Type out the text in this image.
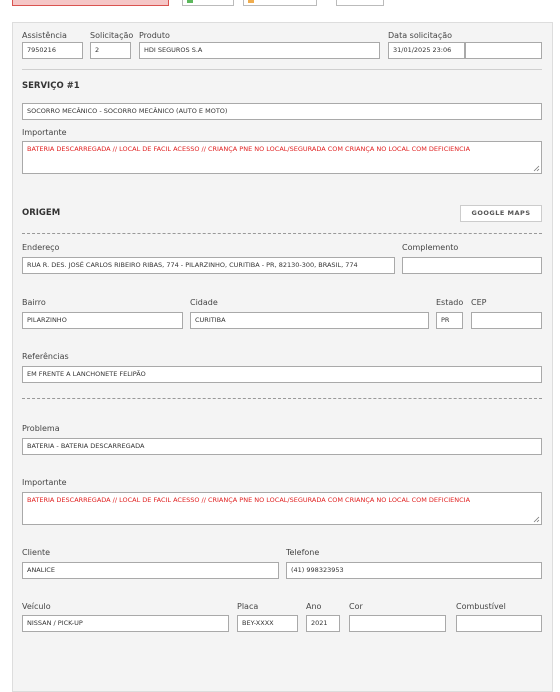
Assistência
7950216
Solicitação
2
Produto
HDI SEGUROS S.A
Data solicitação
31/01/2025 23:06
SERVIÇO #1
SOCORRO MECÂNICO - SOCORRO MECÂNICO (AUTO E MOTO)
Importante
BATERIA DESCARREGADA // LOCAL DE FACIL ACESSO // CRIANÇA PNE NO LOCAL/SEGURADA COM CRIANÇA NO LOCAL COM DEFICIENCIA
ORIGEM	GOOGLE MAPS
Endereço
RUA R. DES. JOSÉ CARLOS RIBEIRO RIBAS, 774 - PILARZINHO, CURITIBA - PR, 82130-300, BRASIL, 774
Complemento
Bairro
PILARZINHO
Cidade
CURITIBA
Estado
PR
CEP
Referências
EM FRENTE A LANCHONETE FELIPÃO
Problema
BATERIA - BATERIA DESCARREGADA
Importante
BATERIA DESCARREGADA // LOCAL DE FACIL ACESSO // CRIANÇA PNE NO LOCAL/SEGURADA COM CRIANÇA NO LOCAL COM DEFICIENCIA
Cliente
ANALICE
Telefone
(41) 998323953
Veículo
NISSAN / PICK-UP
Placa
BEY-XXXX
Ano
2021
Cor	Combustível
